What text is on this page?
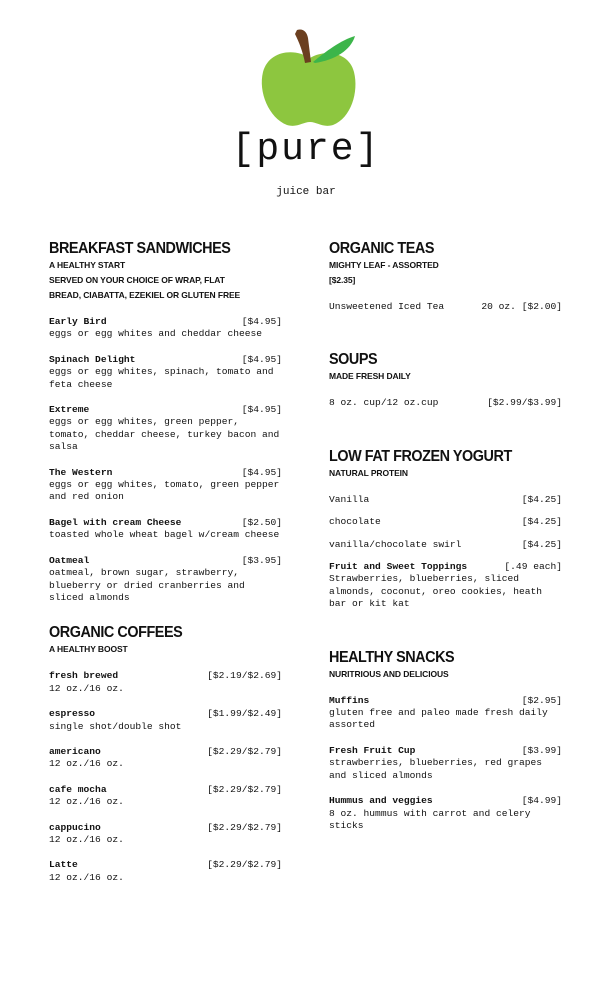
[pure]
juice bar
BREAKFAST SANDWICHES
A HEALTHY START
SERVED ON YOUR CHOICE OF WRAP, FLAT
BREAD, CIABATTA, EZEKIEL OR GLUTEN FREE
Early Bird	[$4.95]
eggs or egg whites and cheddar cheese
Spinach Delight	[$4.95]
eggs or egg whites, spinach, tomato and feta cheese
Extreme	[$4.95]
eggs or egg whites, green pepper, tomato, cheddar cheese, turkey bacon and salsa
The Western	[$4.95]
eggs or egg whites, tomato, green pepper and red onion
Bagel with cream Cheese	[$2.50]
toasted whole wheat bagel w/cream cheese
Oatmeal	[$3.95]
oatmeal, brown sugar, strawberry, blueberry or dried cranberries and sliced almonds
ORGANIC COFFEES
A HEALTHY BOOST
fresh brewed	[$2.19/$2.69]
12 oz./16 oz.
espresso	[$1.99/$2.49]
single shot/double shot
americano	[$2.29/$2.79]
12 oz./16 oz.
cafe mocha	[$2.29/$2.79]
12 oz./16 oz.
cappucino	[$2.29/$2.79]
12 oz./16 oz.
Latte	[$2.29/$2.79]
12 oz./16 oz.
ORGANIC TEAS
MIGHTY LEAF - ASSORTED
[$2.35]
Unsweetened Iced Tea	20 oz. [$2.00]
SOUPS
MADE FRESH DAILY
8 oz. cup/12 oz.cup	[$2.99/$3.99]
LOW FAT FROZEN YOGURT
NATURAL PROTEIN
Vanilla	[$4.25]
chocolate	[$4.25]
vanilla/chocolate swirl	[$4.25]
Fruit and Sweet Toppings	[.49 each]
Strawberries, blueberries, sliced almonds, coconut, oreo cookies, heath bar or kit kat
HEALTHY SNACKS
NURITRIOUS AND DELICIOUS
Muffins	[$2.95]
gluten free and paleo made fresh daily
assorted
Fresh Fruit Cup	[$3.99]
strawberries, blueberries, red grapes and sliced almonds
Hummus and veggies	[$4.99]
8 oz. hummus with carrot and celery sticks
